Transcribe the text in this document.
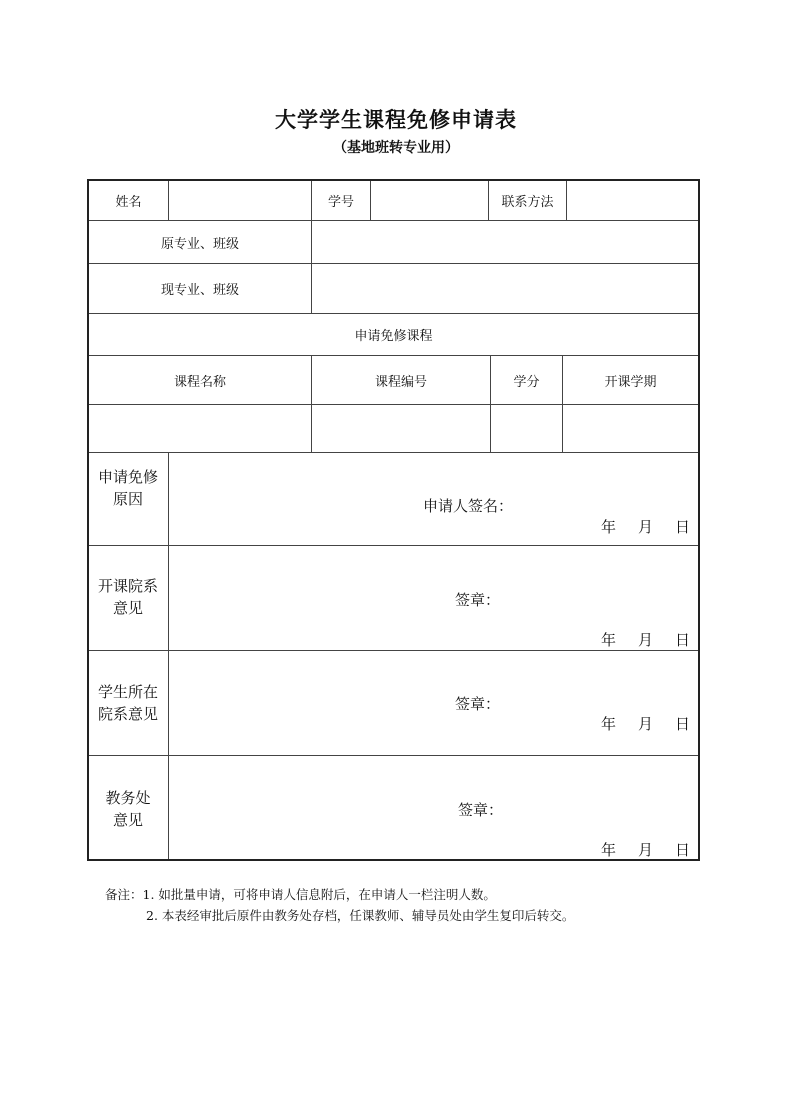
大学学生课程免修申请表
（基地班转专业用）
姓名	学号	联系方法
原专业、班级
现专业、班级
申请免修课程
课程名称	课程编号	学分	开课学期
申请免修
原因	申请人签名：
年 月 日
开课院系
意见	签章：
年 月 日
学生所在
院系意见
签章：
年 月 日
教务处
意见
签章：
年 月 日
备注：1. 如批量申请，可将申请人信息附后，在申请人一栏注明人数。
2. 本表经审批后原件由教务处存档，任课教师、辅导员处由学生复印后转交。
